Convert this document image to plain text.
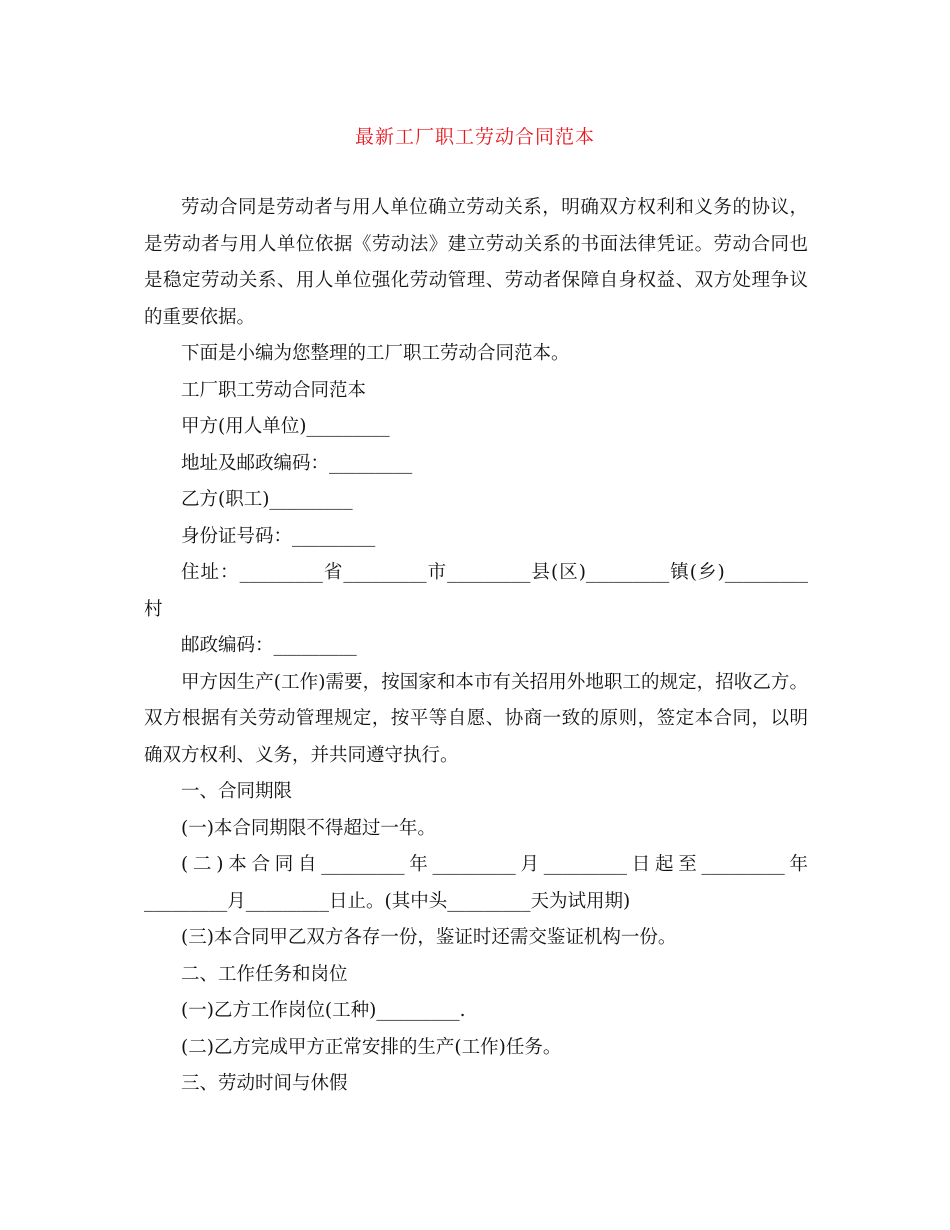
最新工厂职工劳动合同范本

劳动合同是劳动者与用人单位确立劳动关系，明确双方权利和义务的协议，是劳动者与用人单位依据《劳动法》建立劳动关系的书面法律凭证。劳动合同也是稳定劳动关系、用人单位强化劳动管理、劳动者保障自身权益、双方处理争议的重要依据。

下面是小编为您整理的工厂职工劳动合同范本。

工厂职工劳动合同范本

甲方(用人单位)_________

地址及邮政编码：_________

乙方(职工)_________

身份证号码：_________

住址：_________省_________市_________县(区)_________镇(乡)_________村

邮政编码：_________

甲方因生产(工作)需要，按国家和本市有关招用外地职工的规定，招收乙方。双方根据有关劳动管理规定，按平等自愿、协商一致的原则，签定本合同，以明确双方权利、义务，并共同遵守执行。

一、合同期限

(一)本合同期限不得超过一年。

(二)本合同自_________年_________月_________日起至_________年_________月_________日止。(其中头_________天为试用期)

(三)本合同甲乙双方各存一份，鉴证时还需交鉴证机构一份。

二、工作任务和岗位

(一)乙方工作岗位(工种)_________.

(二)乙方完成甲方正常安排的生产(工作)任务。

三、劳动时间与休假
